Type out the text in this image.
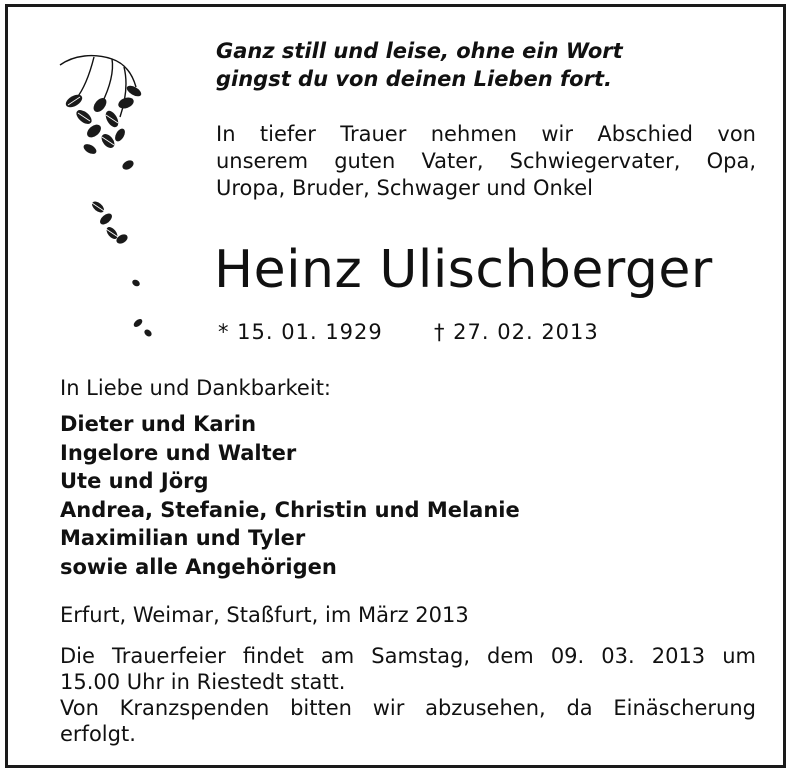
Ganz still und leise, ohne ein Wort
gingst du von deinen Lieben fort.
In tiefer Trauer nehmen wir Abschied von
unserem guten Vater, Schwiegervater, Opa,
Uropa, Bruder, Schwager und Onkel
Heinz Ulischberger
* 15. 01. 1929 † 27. 02. 2013
In Liebe und Dankbarkeit:
Dieter und Karin
Ingelore und Walter
Ute und Jörg
Andrea, Stefanie, Christin und Melanie
Maximilian und Tyler
sowie alle Angehörigen
Erfurt, Weimar, Staßfurt, im März 2013
Die Trauerfeier findet am Samstag, dem 09. 03. 2013 um
15.00 Uhr in Riestedt statt.
Von Kranzspenden bitten wir abzusehen, da Einäscherung
erfolgt.
